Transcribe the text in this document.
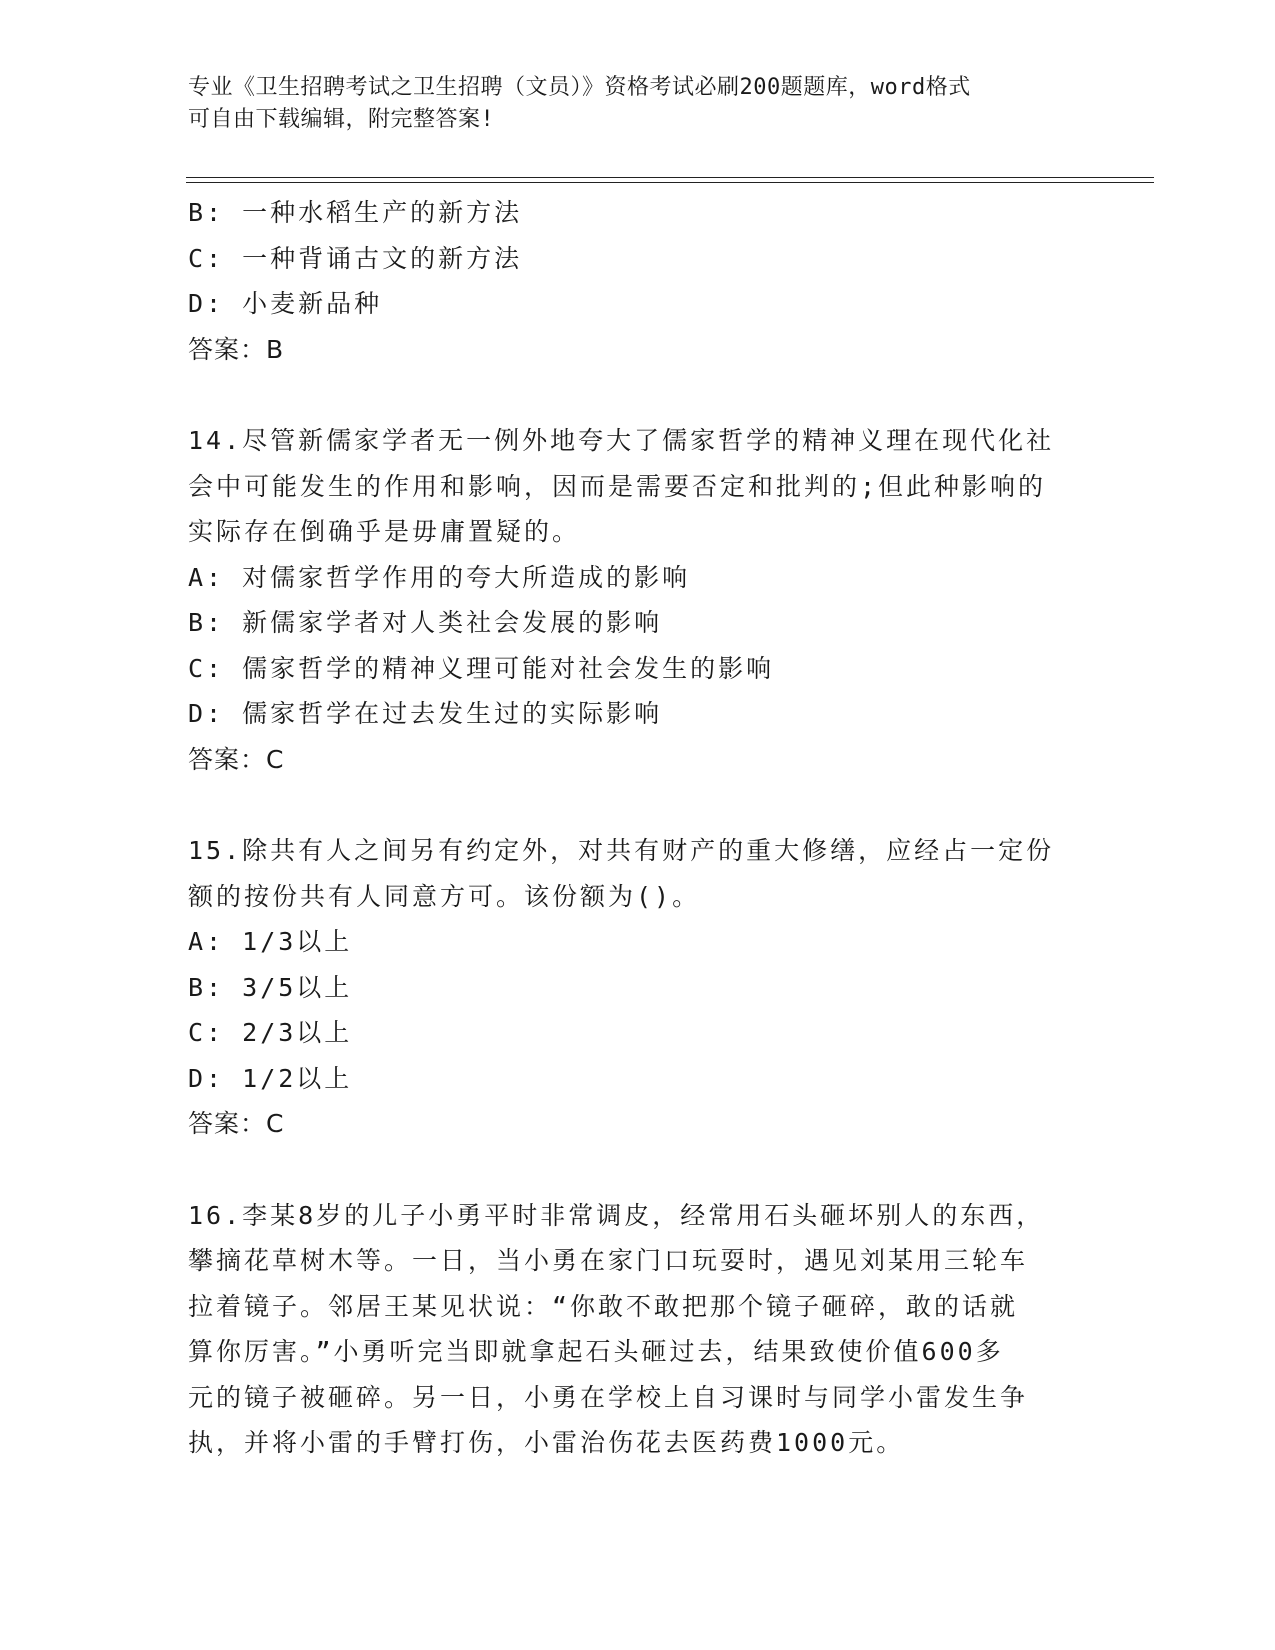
专业《卫生招聘考试之卫生招聘（文员）》资格考试必刷200题题库，word格式
可自由下载编辑，附完整答案!
B: 一种水稻生产的新方法
C: 一种背诵古文的新方法
D: 小麦新品种
答案：B
14.尽管新儒家学者无一例外地夸大了儒家哲学的精神义理在现代化社
会中可能发生的作用和影响，因而是需要否定和批判的;但此种影响的
实际存在倒确乎是毋庸置疑的。
A: 对儒家哲学作用的夸大所造成的影响
B: 新儒家学者对人类社会发展的影响
C: 儒家哲学的精神义理可能对社会发生的影响
D: 儒家哲学在过去发生过的实际影响
答案：C
15.除共有人之间另有约定外，对共有财产的重大修缮，应经占一定份
额的按份共有人同意方可。该份额为()。
A: 1/3以上
B: 3/5以上
C: 2/3以上
D: 1/2以上
答案：C
16.李某8岁的儿子小勇平时非常调皮，经常用石头砸坏别人的东西，
攀摘花草树木等。一日，当小勇在家门口玩耍时，遇见刘某用三轮车
拉着镜子。邻居王某见状说：“你敢不敢把那个镜子砸碎，敢的话就
算你厉害。”小勇听完当即就拿起石头砸过去，结果致使价值600多
元的镜子被砸碎。另一日，小勇在学校上自习课时与同学小雷发生争
执，并将小雷的手臂打伤，小雷治伤花去医药费1000元。
